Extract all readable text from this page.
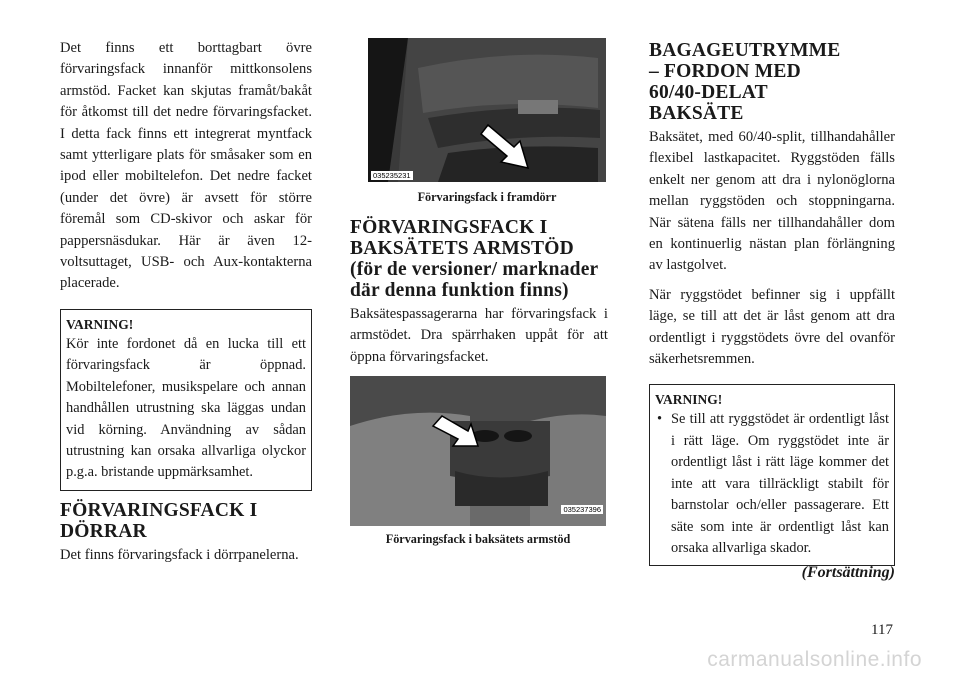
Det finns ett borttagbart övre förvaringsfack innanför mittkonsolens armstöd. Facket kan skjutas framåt/bakåt för åtkomst till det nedre förvaringsfacket. I detta fack finns ett integrerat myntfack samt ytterligare plats för småsaker som en ipod eller mobiltelefon. Det nedre facket (under det övre) är avsett för större föremål som CD-skivor och askar för pappersnäsdukar. Här är även 12-voltsuttaget, USB- och Aux-kontakterna placerade.

VARNING!

Kör inte fordonet då en lucka till ett förvaringsfack är öppnad. Mobiltelefoner, musikspelare och annan handhållen utrustning ska läggas undan vid körning. Användning av sådan utrustning kan orsaka allvarliga olyckor p.g.a. bristande uppmärksamhet.

FÖRVARINGSFACK I DÖRRAR

Det finns förvaringsfack i dörrpanelerna.

035235231
Förvaringsfack i framdörr
FÖRVARINGSFACK I BAKSÄTETS ARMSTÖD (för de versioner/ marknader där denna funktion finns)

Baksätespassagerarna har förvaringsfack i armstödet. Dra spärrhaken uppåt för att öppna förvaringsfacket.

035237396
Förvaringsfack i baksätets armstöd
BAGAGEUTRYMME – FORDON MED 60/40-DELAT BAKSÄTE

Baksätet, med 60/40-split, tillhandahåller flexibel lastkapacitet. Ryggstöden fälls enkelt ner genom att dra i nylonöglorna mellan ryggstöden och stoppningarna. När sätena fälls ner tillhandahåller dom en kontinuerlig nästan plan förlängning av lastgolvet.

När ryggstödet befinner sig i uppfällt läge, se till att det är låst genom att dra ordentligt i ryggstödets övre del ovanför säkerhetsremmen.

VARNING!
• Se till att ryggstödet är ordentligt låst i rätt läge. Om ryggstödet inte är ordentligt låst i rätt läge kommer det inte att vara tillräckligt stabilt för barnstolar och/eller passagerare. Ett säte som inte är ordentligt låst kan orsaka allvarliga skador.
(Fortsättning)
117
carmanualsonline.info
